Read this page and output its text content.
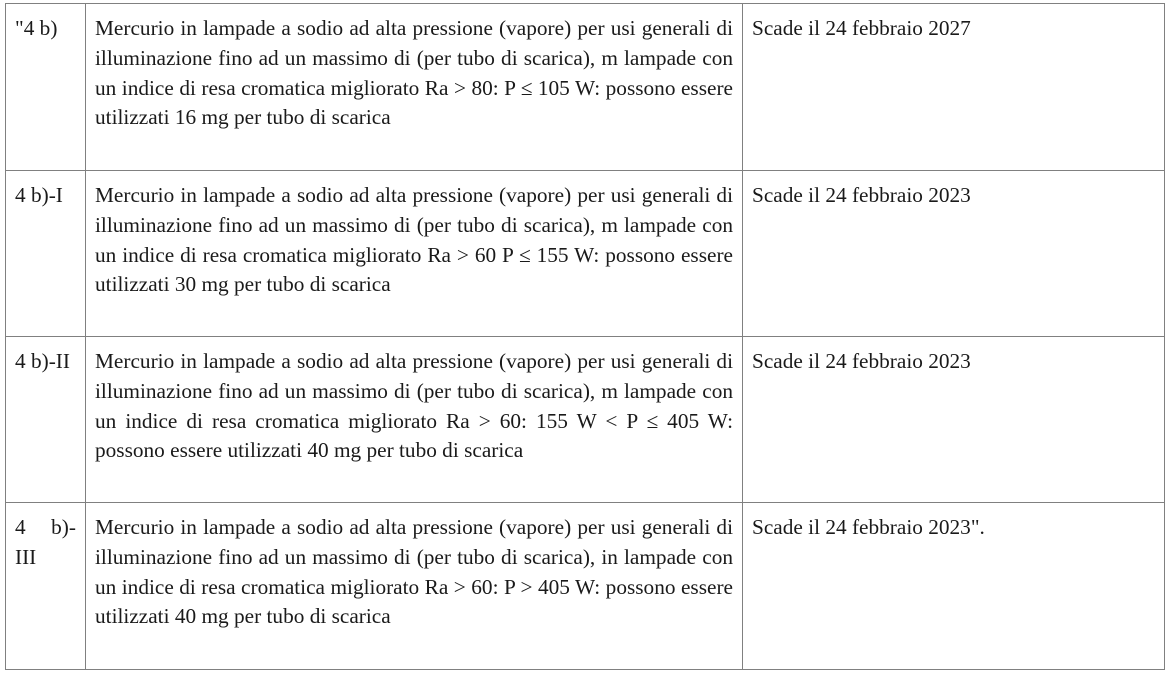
"4 b)	Mercurio in lampade a sodio ad alta pressione (vapore) per usi generali di illuminazione fino ad un massimo di (per tubo di scarica), m lampade con un indice di resa cromatica migliorato Ra > 80: P ≤ 105 W: possono essere utilizzati 16 mg per tubo di scarica	Scade il 24 febbraio 2027

4 b)-I	Mercurio in lampade a sodio ad alta pressione (vapore) per usi generali di illuminazione fino ad un massimo di (per tubo di scarica), m lampade con un indice di resa cromatica migliorato Ra > 60 P ≤ 155 W: possono essere utilizzati 30 mg per tubo di scarica	Scade il 24 febbraio 2023

4 b)-II	Mercurio in lampade a sodio ad alta pressione (vapore) per usi generali di illuminazione fino ad un massimo di (per tubo di scarica), m lampade con un indice di resa cromatica migliorato Ra > 60: 155 W < P ≤ 405 W: possono essere utilizzati 40 mg per tubo di scarica	Scade il 24 febbraio 2023

4 b)-III	Mercurio in lampade a sodio ad alta pressione (vapore) per usi generali di illuminazione fino ad un massimo di (per tubo di scarica), in lampade con un indice di resa cromatica migliorato Ra > 60: P > 405 W: possono essere utilizzati 40 mg per tubo di scarica	Scade il 24 febbraio 2023".
